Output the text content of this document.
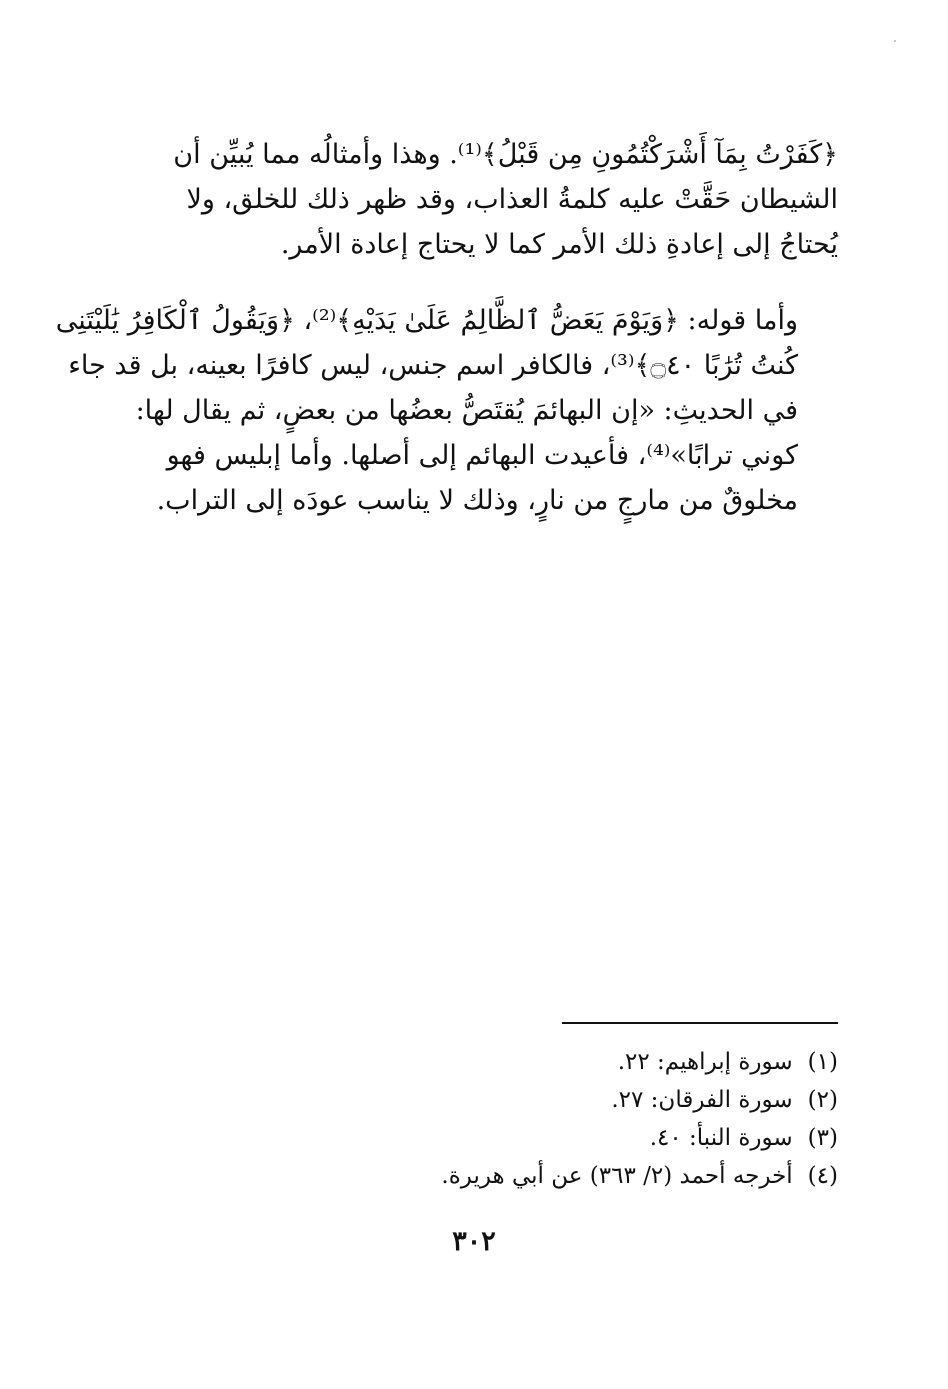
﴿كَفَرْتُ بِمَآ أَشْرَكْتُمُونِ مِن قَبْلُ﴾⁽¹⁾. وهذا وأمثالُه مما يُبيِّن أن
الشيطان حَقَّتْ عليه كلمةُ العذاب، وقد ظهر ذلك للخلق، ولا
يُحتاجُ إلى إعادةِ ذلك الأمر كما لا يحتاج إعادة الأمر.
وأما قوله: ﴿وَيَوْمَ يَعَضُّ ٱلظَّالِمُ عَلَىٰ يَدَيْهِ﴾⁽²⁾، ﴿وَيَقُولُ ٱلْكَافِرُ يَٰلَيْتَنِى
كُنتُ تُرَٰبًا ۝٤٠﴾⁽³⁾، فالكافر اسم جنس، ليس كافرًا بعينه، بل قد جاء
في الحديثِ: «إن البهائمَ يُقتَصُّ بعضُها من بعضٍ، ثم يقال لها:
كوني ترابًا»⁽⁴⁾، فأعيدت البهائم إلى أصلها. وأما إبليس فهو
مخلوقٌ من مارجٍ من نارٍ، وذلك لا يناسب عودَه إلى التراب.
(١) سورة إبراهيم: ٢٢.
(٢) سورة الفرقان: ٢٧.
(٣) سورة النبأ: ٤٠.
(٤) أخرجه أحمد (٢/ ٣٦٣) عن أبي هريرة.
٣٠٢
